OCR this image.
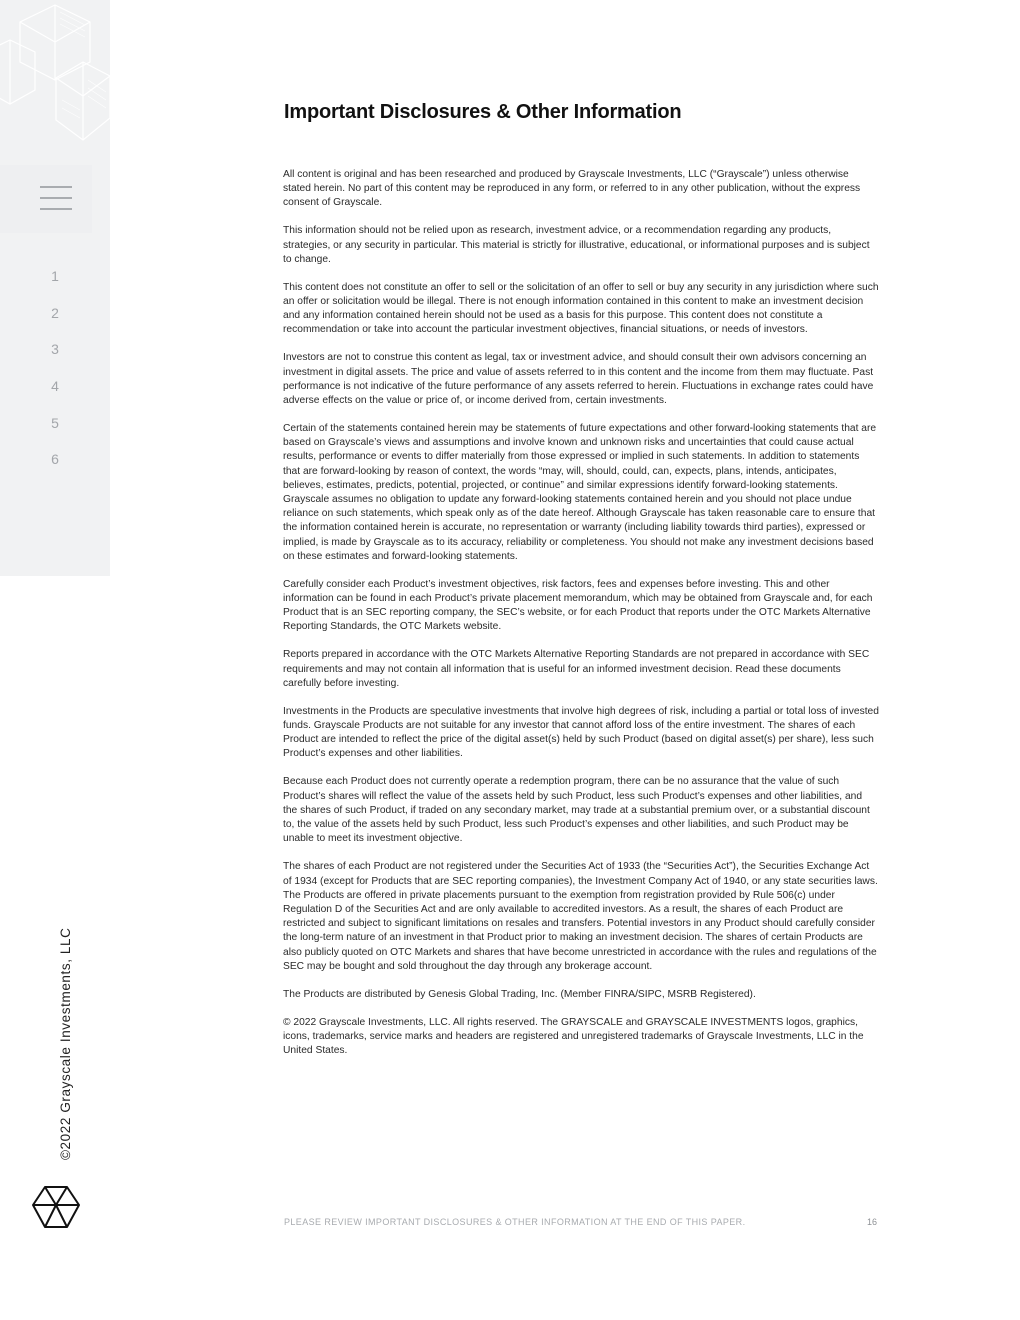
1
2
3
4
5
6
©2022 Grayscale Investments, LLC
Important Disclosures & Other Information

All content is original and has been researched and produced by Grayscale Investments, LLC (“Grayscale”) unless otherwise stated herein. No part of this content may be reproduced in any form, or referred to in any other publication, without the express consent of Grayscale.

This information should not be relied upon as research, investment advice, or a recommendation regarding any products, strategies, or any security in particular. This material is strictly for illustrative, educational, or informational purposes and is subject to change.

This content does not constitute an offer to sell or the solicitation of an offer to sell or buy any security in any jurisdiction where such an offer or solicitation would be illegal. There is not enough information contained in this content to make an investment decision and any information contained herein should not be used as a basis for this purpose. This content does not constitute a recommendation or take into account the particular investment objectives, financial situations, or needs of investors.

Investors are not to construe this content as legal, tax or investment advice, and should consult their own advisors concerning an investment in digital assets. The price and value of assets referred to in this content and the income from them may fluctuate. Past performance is not indicative of the future performance of any assets referred to herein. Fluctuations in exchange rates could have adverse effects on the value or price of, or income derived from, certain investments.

Certain of the statements contained herein may be statements of future expectations and other forward-looking statements that are based on Grayscale’s views and assumptions and involve known and unknown risks and uncertainties that could cause actual results, performance or events to differ materially from those expressed or implied in such statements. In addition to statements that are forward-looking by reason of context, the words “may, will, should, could, can, expects, plans, intends, anticipates, believes, estimates, predicts, potential, projected, or continue” and similar expressions identify forward-looking statements. Grayscale assumes no obligation to update any forward-looking statements contained herein and you should not place undue reliance on such statements, which speak only as of the date hereof. Although Grayscale has taken reasonable care to ensure that the information contained herein is accurate, no representation or warranty (including liability towards third parties), expressed or implied, is made by Grayscale as to its accuracy, reliability or completeness. You should not make any investment decisions based on these estimates and forward-looking statements.

Carefully consider each Product’s investment objectives, risk factors, fees and expenses before investing. This and other information can be found in each Product’s private placement memorandum, which may be obtained from Grayscale and, for each Product that is an SEC reporting company, the SEC’s website, or for each Product that reports under the OTC Markets Alternative Reporting Standards, the OTC Markets website.

Reports prepared in accordance with the OTC Markets Alternative Reporting Standards are not prepared in accordance with SEC requirements and may not contain all information that is useful for an informed investment decision. Read these documents carefully before investing.

Investments in the Products are speculative investments that involve high degrees of risk, including a partial or total loss of invested funds. Grayscale Products are not suitable for any investor that cannot afford loss of the entire investment. The shares of each Product are intended to reflect the price of the digital asset(s) held by such Product (based on digital asset(s) per share), less such Product’s expenses and other liabilities.

Because each Product does not currently operate a redemption program, there can be no assurance that the value of such Product’s shares will reflect the value of the assets held by such Product, less such Product’s expenses and other liabilities, and the shares of such Product, if traded on any secondary market, may trade at a substantial premium over, or a substantial discount to, the value of the assets held by such Product, less such Product’s expenses and other liabilities, and such Product may be unable to meet its investment objective.

The shares of each Product are not registered under the Securities Act of 1933 (the “Securities Act”), the Securities Exchange Act of 1934 (except for Products that are SEC reporting companies), the Investment Company Act of 1940, or any state securities laws. The Products are offered in private placements pursuant to the exemption from registration provided by Rule 506(c) under Regulation D of the Securities Act and are only available to accredited investors. As a result, the shares of each Product are restricted and subject to significant limitations on resales and transfers. Potential investors in any Product should carefully consider the long-term nature of an investment in that Product prior to making an investment decision. The shares of certain Products are also publicly quoted on OTC Markets and shares that have become unrestricted in accordance with the rules and regulations of the SEC may be bought and sold throughout the day through any brokerage account.

The Products are distributed by Genesis Global Trading, Inc. (Member FINRA/SIPC, MSRB Registered).

© 2022 Grayscale Investments, LLC. All rights reserved. The GRAYSCALE and GRAYSCALE INVESTMENTS logos, graphics, icons, trademarks, service marks and headers are registered and unregistered trademarks of Grayscale Investments, LLC in the United States.

PLEASE REVIEW IMPORTANT DISCLOSURES & OTHER INFORMATION AT THE END OF THIS PAPER.	16
